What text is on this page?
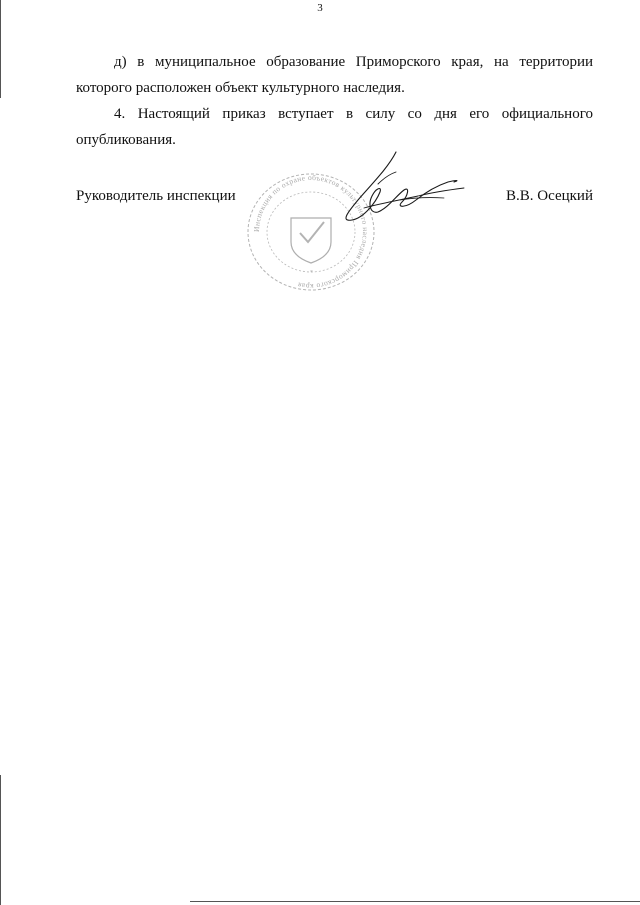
3

д) в муниципальное образование Приморского края, на территории
которого расположен объект культурного наследия.

4. Настоящий приказ вступает в силу со дня его официального
опубликования.

Руководитель инспекции
Инспекция по охране объектов культурного наследия Приморского края
*
В.В. Осецкий
